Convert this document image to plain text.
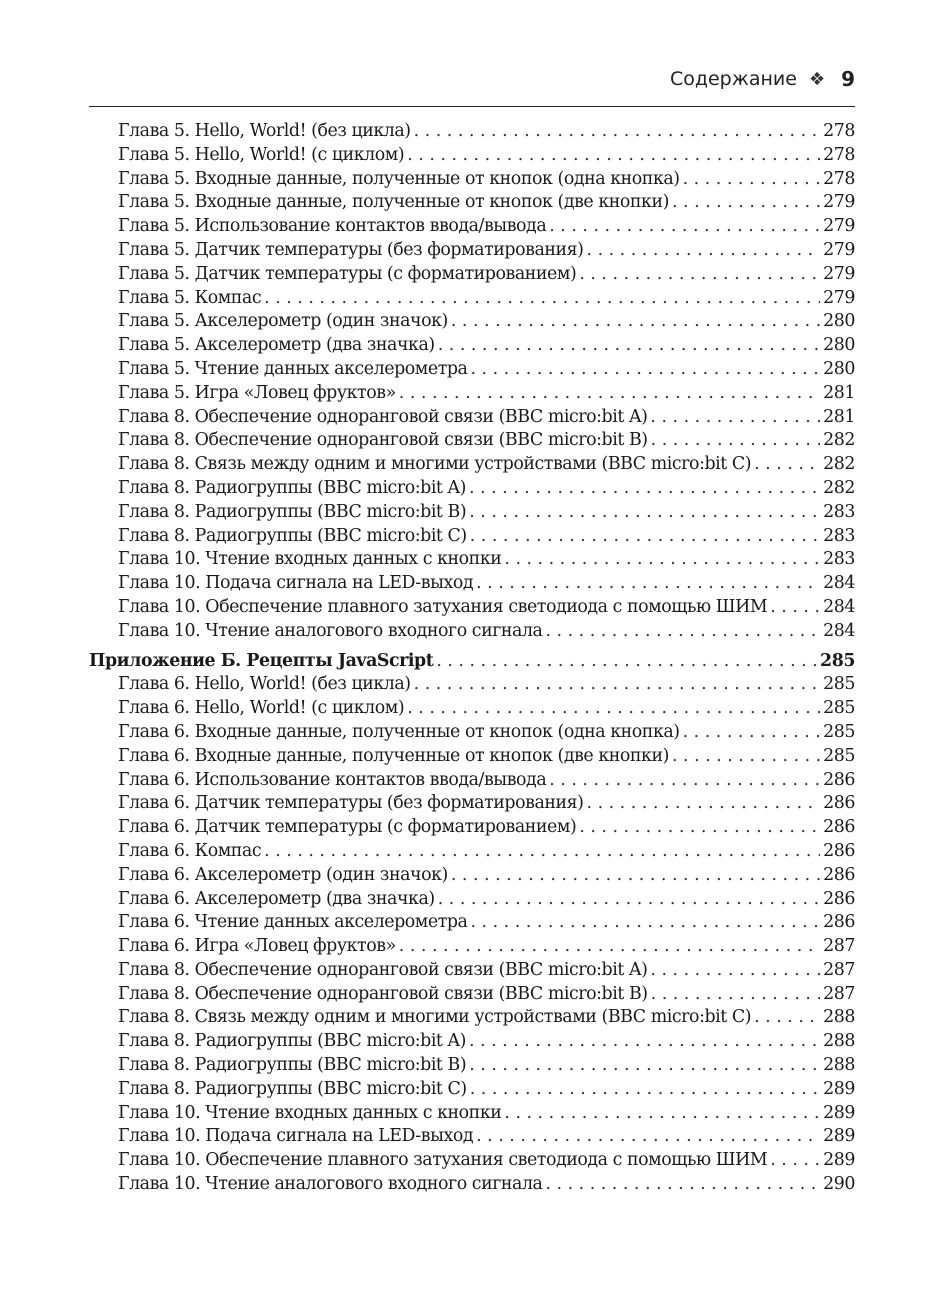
Содержание ❖ 9
Глава 5. Hello, World! (без цикла) . . .	278
Глава 5. Hello, World! (с циклом) . . .	278
Глава 5. Входные данные, полученные от кнопок (одна кнопка) . . .	278
Глава 5. Входные данные, полученные от кнопок (две кнопки) . . .	279
Глава 5. Использование контактов ввода/вывода . . .	279
Глава 5. Датчик температуры (без форматирования) . . .	279
Глава 5. Датчик температуры (с форматированием) . . .	279
Глава 5. Компас . . .	279
Глава 5. Акселерометр (один значок) . . .	280
Глава 5. Акселерометр (два значка) . . .	280
Глава 5. Чтение данных акселерометра . . .	280
Глава 5. Игра «Ловец фруктов» . . .	281
Глава 8. Обеспечение одноранговой связи (BBC micro:bit A) . . .	281
Глава 8. Обеспечение одноранговой связи (BBC micro:bit B) . . .	282
Глава 8. Связь между одним и многими устройствами (BBC micro:bit C) . . .	282
Глава 8. Радиогруппы (BBC micro:bit A) . . .	282
Глава 8. Радиогруппы (BBC micro:bit B) . . .	283
Глава 8. Радиогруппы (BBC micro:bit C) . . .	283
Глава 10. Чтение входных данных с кнопки . . .	283
Глава 10. Подача сигнала на LED-выход . . .	284
Глава 10. Обеспечение плавного затухания светодиода с помощью ШИМ . . .	284
Глава 10. Чтение аналогового входного сигнала . . .	284
Приложение Б. Рецепты JavaScript . . .	285
Глава 6. Hello, World! (без цикла) . . .	285
Глава 6. Hello, World! (с циклом) . . .	285
Глава 6. Входные данные, полученные от кнопок (одна кнопка) . . .	285
Глава 6. Входные данные, полученные от кнопок (две кнопки) . . .	285
Глава 6. Использование контактов ввода/вывода . . .	286
Глава 6. Датчик температуры (без форматирования) . . .	286
Глава 6. Датчик температуры (с форматированием) . . .	286
Глава 6. Компас . . .	286
Глава 6. Акселерометр (один значок) . . .	286
Глава 6. Акселерометр (два значка) . . .	286
Глава 6. Чтение данных акселерометра . . .	286
Глава 6. Игра «Ловец фруктов» . . .	287
Глава 8. Обеспечение одноранговой связи (BBC micro:bit A) . . .	287
Глава 8. Обеспечение одноранговой связи (BBC micro:bit B) . . .	287
Глава 8. Связь между одним и многими устройствами (BBC micro:bit C) . . .	288
Глава 8. Радиогруппы (BBC micro:bit A) . . .	288
Глава 8. Радиогруппы (BBC micro:bit B) . . .	288
Глава 8. Радиогруппы (BBC micro:bit C) . . .	289
Глава 10. Чтение входных данных с кнопки . . .	289
Глава 10. Подача сигнала на LED-выход . . .	289
Глава 10. Обеспечение плавного затухания светодиода с помощью ШИМ . . .	289
Глава 10. Чтение аналогового входного сигнала . . .	290
